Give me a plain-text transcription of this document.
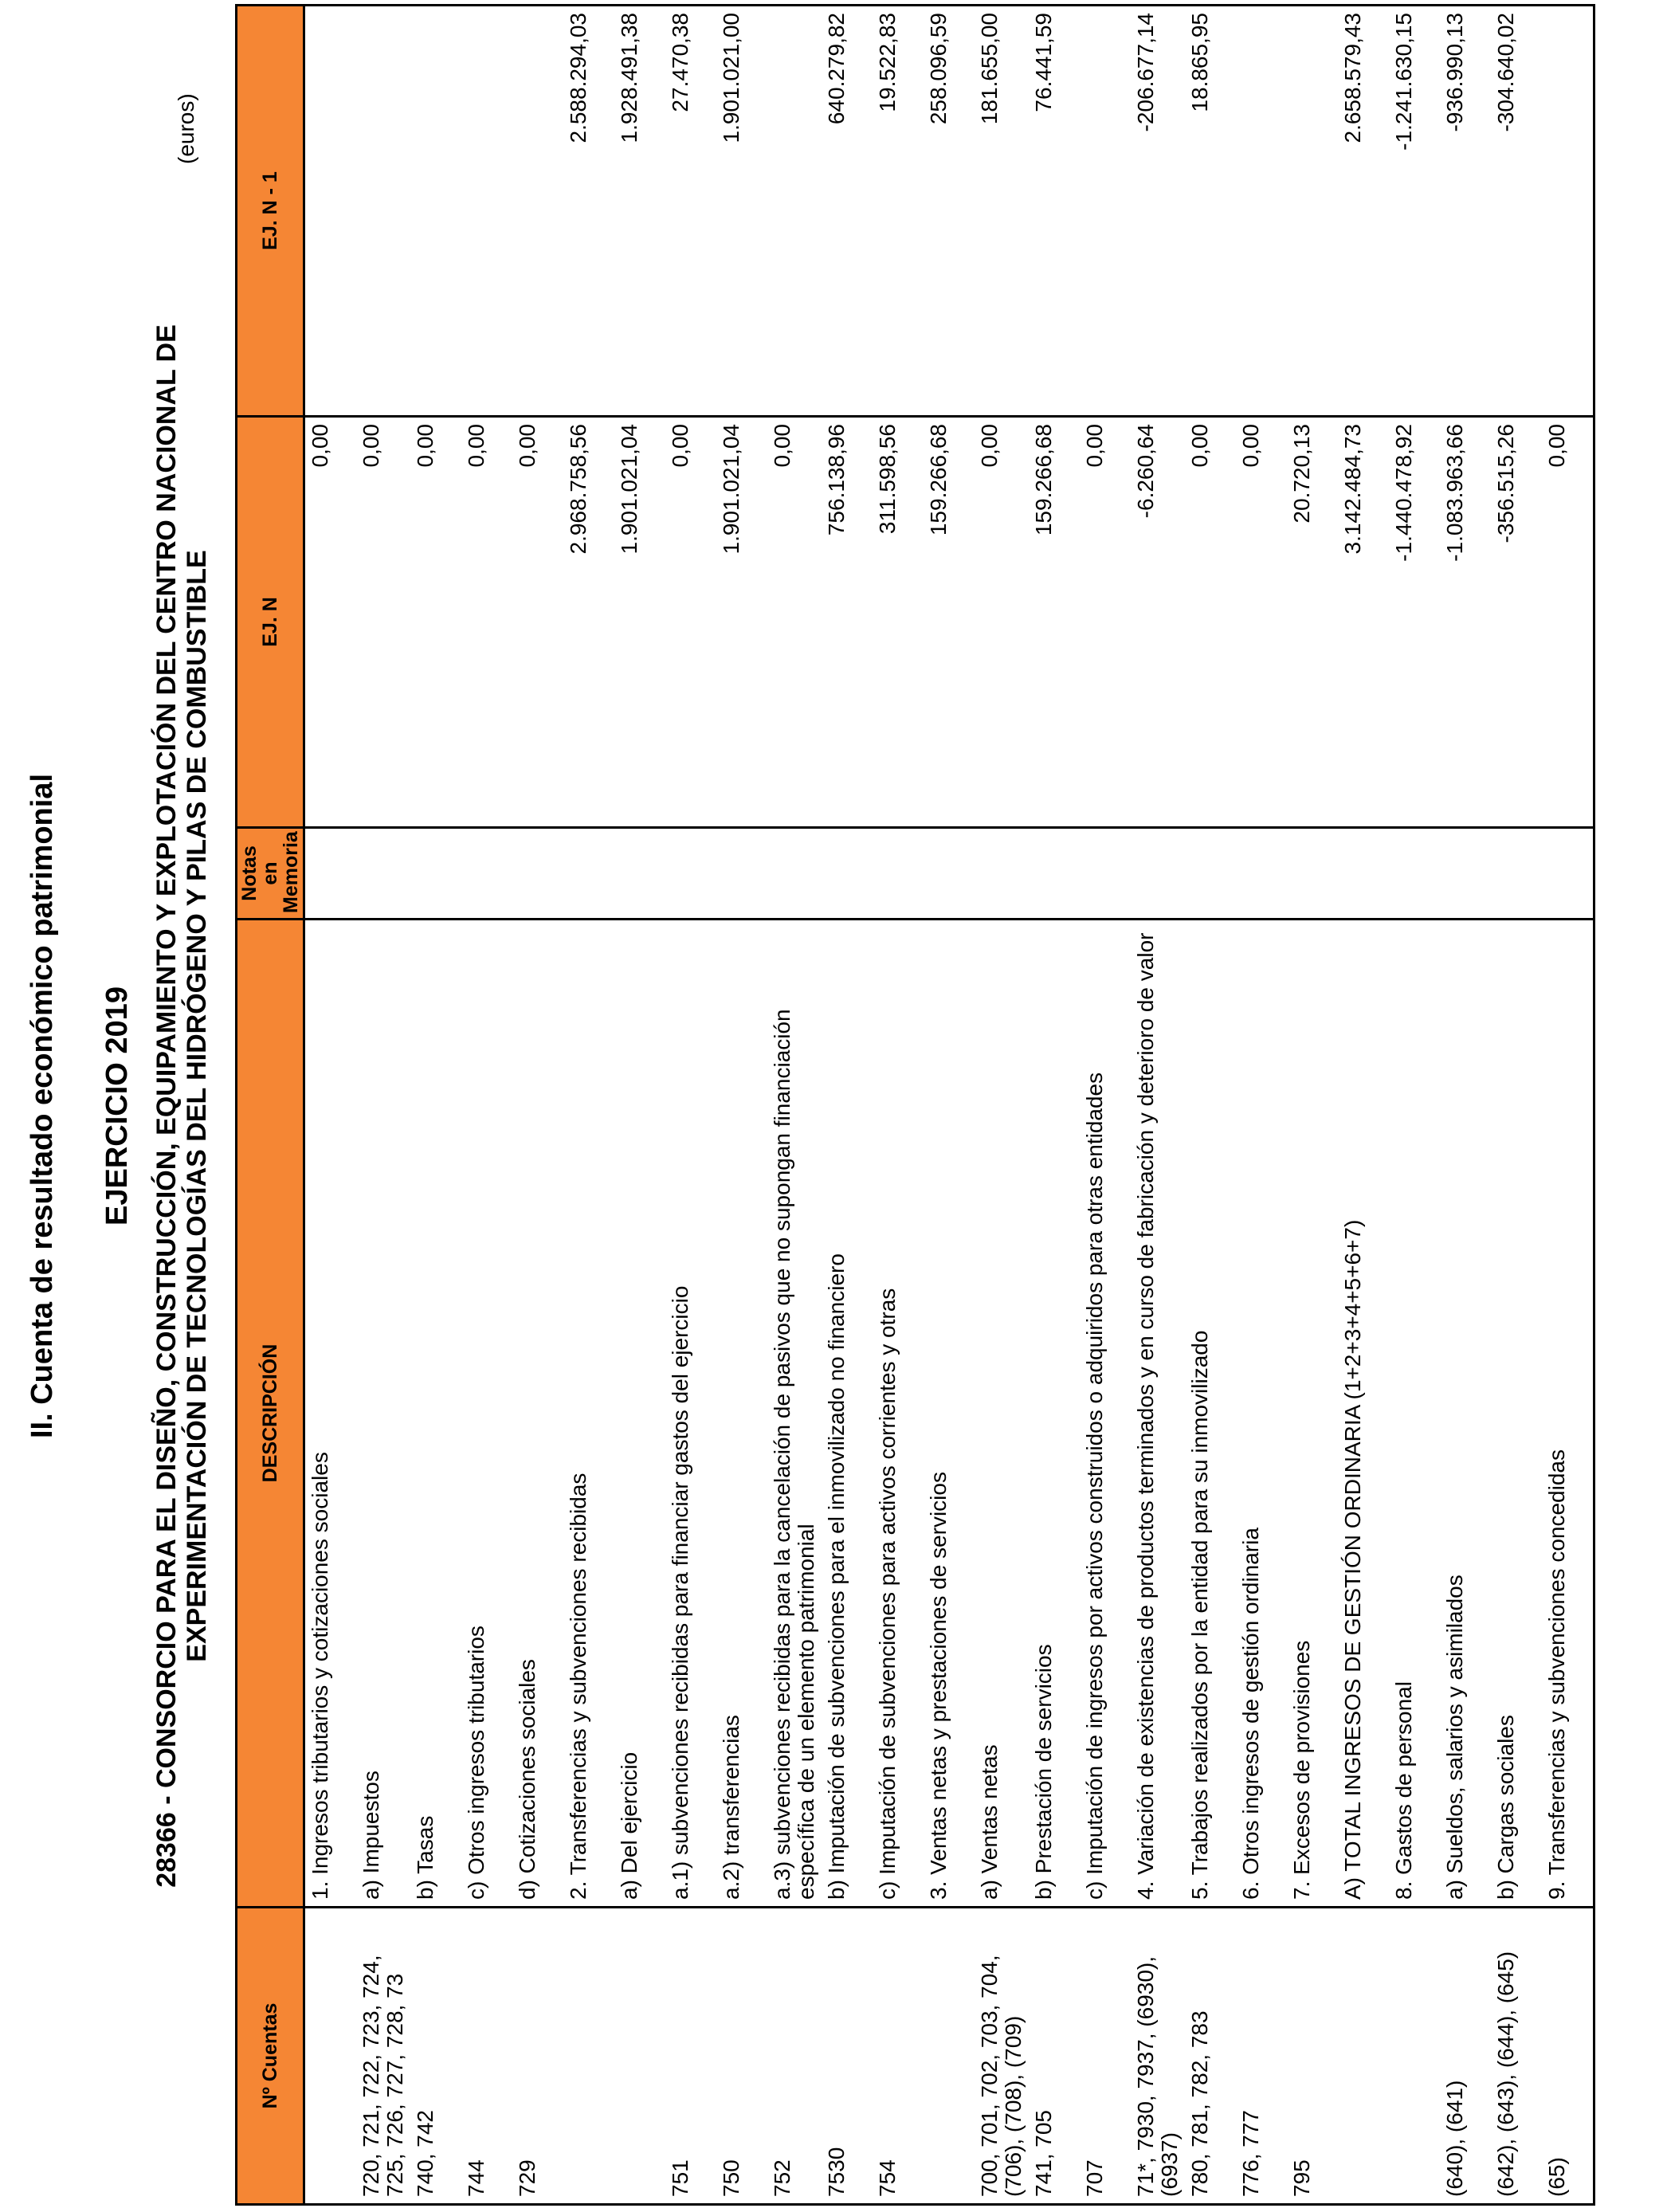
II. Cuenta de resultado económico patrimonial EJERCICIO 2019 28366 - CONSORCIO PARA EL DISEÑO, CONSTRUCCIÓN, EQUIPAMIENTO Y EXPLOTACIÓN DEL CENTRO NACIONAL DE EXPERIMENTACIÓN DE TECNOLOGÍAS DEL HIDRÓGENO Y PILAS DE COMBUSTIBLE
(euros)
Nº Cuentas	DESCRIPCIÓN	Notas en Memoria	EJ. N	EJ. N - 1
	1. Ingresos tributarios y cotizaciones sociales		0,00	
720, 721, 722, 723, 724, 725, 726, 727, 728, 73	a) Impuestos		0,00	
740, 742	b) Tasas		0,00	
744	c) Otros ingresos tributarios		0,00	
729	d) Cotizaciones sociales		0,00	
	2. Transferencias y subvenciones recibidas		2.968.758,56	2.588.294,03
	a) Del ejercicio		1.901.021,04	1.928.491,38
751	a.1) subvenciones recibidas para financiar gastos del ejercicio		0,00	27.470,38
750	a.2) transferencias		1.901.021,04	1.901.021,00
752	a.3) subvenciones recibidas para la cancelación de pasivos que no supongan financiación específica de un elemento patrimonial		0,00	
7530	b) Imputación de subvenciones para el inmovilizado no financiero		756.138,96	640.279,82
754	c) Imputación de subvenciones para activos corrientes y otras		311.598,56	19.522,83
	3. Ventas netas y prestaciones de servicios		159.266,68	258.096,59
700, 701, 702, 703, 704, (706), (708), (709)	a) Ventas netas		0,00	181.655,00
741, 705	b) Prestación de servicios		159.266,68	76.441,59
707	c) Imputación de ingresos por activos construidos o adquiridos para otras entidades		0,00	
71*, 7930, 7937, (6930), (6937)	4. Variación de existencias de productos terminados y en curso de fabricación y deterioro de valor		-6.260,64	-206.677,14
780, 781, 782, 783	5. Trabajos realizados por la entidad para su inmovilizado		0,00	18.865,95
776, 777	6. Otros ingresos de gestión ordinaria		0,00	
795	7. Excesos de provisiones		20.720,13	
	A) TOTAL INGRESOS DE GESTIÓN ORDINARIA (1+2+3+4+5+6+7)		3.142.484,73	2.658.579,43
	8. Gastos de personal		-1.440.478,92	-1.241.630,15
(640), (641)	a) Sueldos, salarios y asimilados		-1.083.963,66	-936.990,13
(642), (643), (644), (645)	b) Cargas sociales		-356.515,26	-304.640,02
(65)	9. Transferencias y subvenciones concedidas		0,00	
